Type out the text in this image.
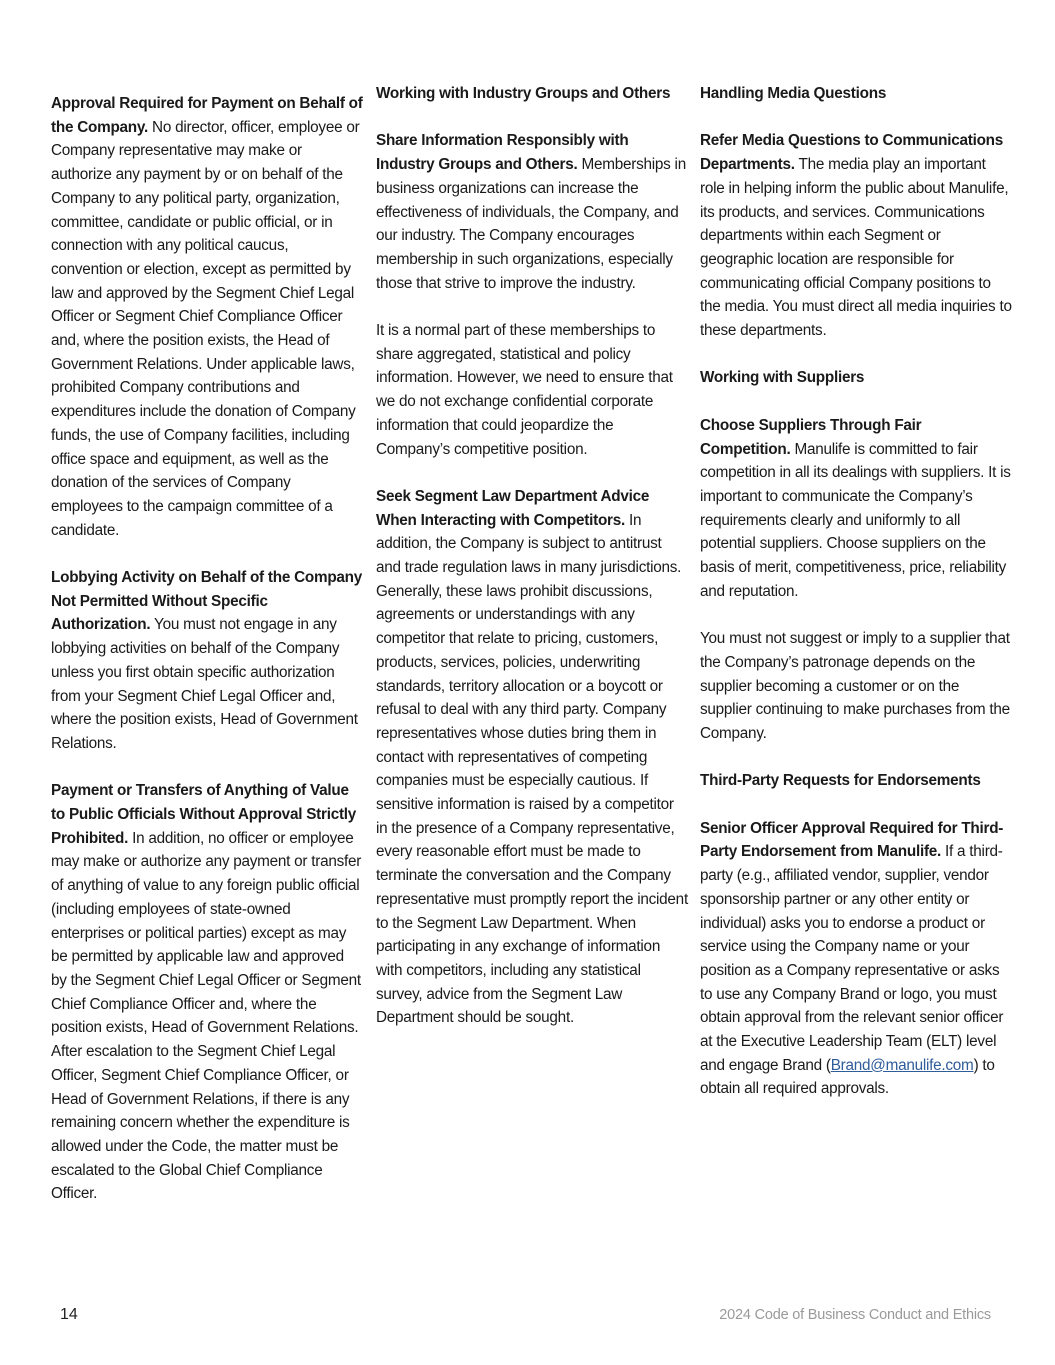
Approval Required for Payment on Behalf of the Company. No director, officer, employee or Company representative may make or authorize any payment by or on behalf of the Company to any political party, organization, committee, candidate or public official, or in connection with any political caucus, convention or election, except as permitted by law and approved by the Segment Chief Legal Officer or Segment Chief Compliance Officer and, where the position exists, the Head of Government Relations. Under applicable laws, prohibited Company contributions and expenditures include the donation of Company funds, the use of Company facilities, including office space and equipment, as well as the donation of the services of Company employees to the campaign committee of a candidate.

Lobbying Activity on Behalf of the Company Not Permitted Without Specific Authorization. You must not engage in any lobbying activities on behalf of the Company unless you first obtain specific authorization from your Segment Chief Legal Officer and, where the position exists, Head of Government Relations.

Payment or Transfers of Anything of Value to Public Officials Without Approval Strictly Prohibited. In addition, no officer or employee may make or authorize any payment or transfer of anything of value to any foreign public official (including employees of state-owned enterprises or political parties) except as may be permitted by applicable law and approved by the Segment Chief Legal Officer or Segment Chief Compliance Officer and, where the position exists, Head of Government Relations. After escalation to the Segment Chief Legal Officer, Segment Chief Compliance Officer, or Head of Government Relations, if there is any remaining concern whether the expenditure is allowed under the Code, the matter must be escalated to the Global Chief Compliance Officer.

Working with Industry Groups and Others

Share Information Responsibly with Industry Groups and Others. Memberships in business organizations can increase the effectiveness of individuals, the Company, and our industry. The Company encourages membership in such organizations, especially those that strive to improve the industry.

It is a normal part of these memberships to share aggregated, statistical and policy information. However, we need to ensure that we do not exchange confidential corporate information that could jeopardize the Company’s competitive position.

Seek Segment Law Department Advice When Interacting with Competitors. In addition, the Company is subject to antitrust and trade regulation laws in many jurisdictions. Generally, these laws prohibit discussions, agreements or understandings with any competitor that relate to pricing, customers, products, services, policies, underwriting standards, territory allocation or a boycott or refusal to deal with any third party. Company representatives whose duties bring them in contact with representatives of competing companies must be especially cautious. If sensitive information is raised by a competitor in the presence of a Company representative, every reasonable effort must be made to terminate the conversation and the Company representative must promptly report the incident to the Segment Law Department. When participating in any exchange of information with competitors, including any statistical survey, advice from the Segment Law Department should be sought.

Handling Media Questions

Refer Media Questions to Communications Departments. The media play an important role in helping inform the public about Manulife, its products, and services. Communications departments within each Segment or geographic location are responsible for communicating official Company positions to the media. You must direct all media inquiries to these departments.

Working with Suppliers

Choose Suppliers Through Fair Competition. Manulife is committed to fair competition in all its dealings with suppliers. It is important to communicate the Company’s requirements clearly and uniformly to all potential suppliers. Choose suppliers on the basis of merit, competitiveness, price, reliability and reputation.

You must not suggest or imply to a supplier that the Company’s patronage depends on the supplier becoming a customer or on the supplier continuing to make purchases from the Company.

Third-Party Requests for Endorsements

Senior Officer Approval Required for Third-Party Endorsement from Manulife. If a third-party (e.g., affiliated vendor, supplier, vendor sponsorship partner or any other entity or individual) asks you to endorse a product or service using the Company name or your position as a Company representative or asks to use any Company Brand or logo, you must obtain approval from the relevant senior officer at the Executive Leadership Team (ELT) level and engage Brand (Brand@manulife.com) to obtain all required approvals.

14	2024 Code of Business Conduct and Ethics
